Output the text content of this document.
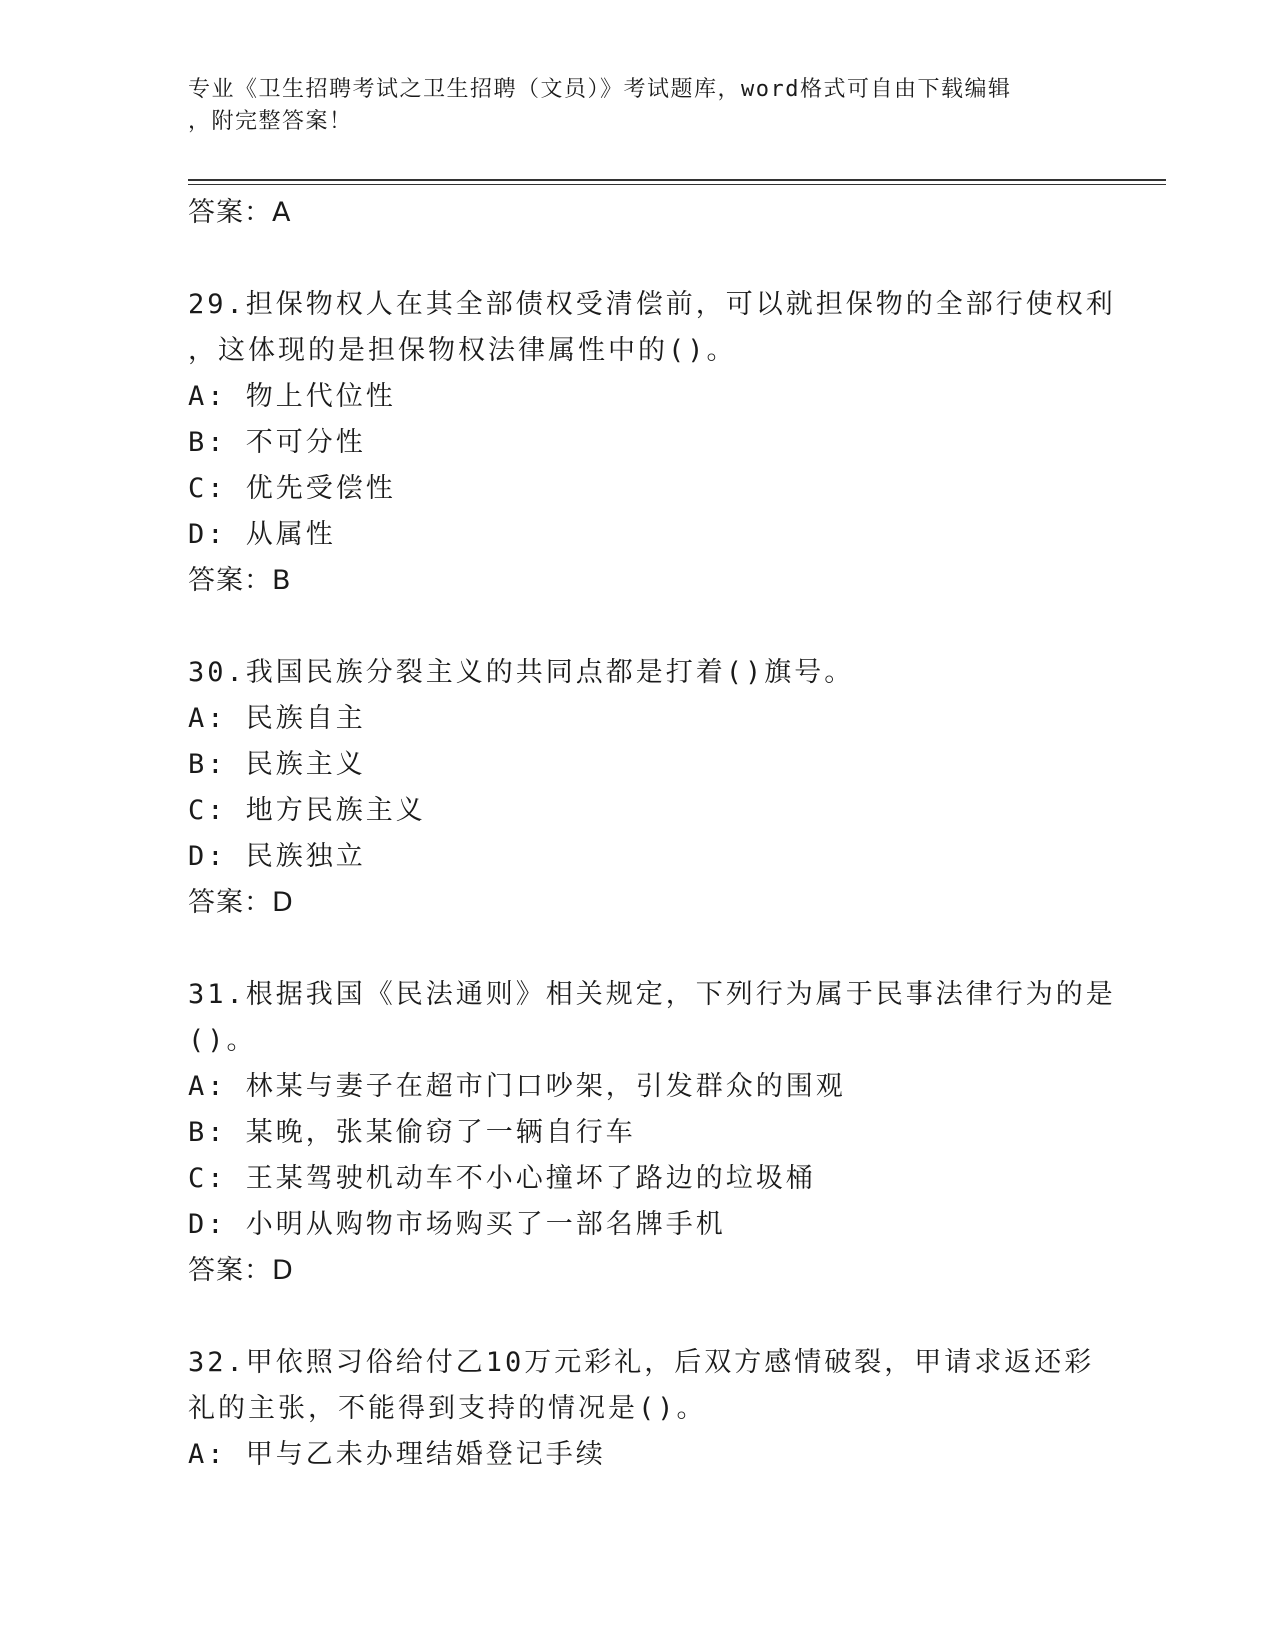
专业《卫生招聘考试之卫生招聘（文员）》考试题库，word格式可自由下载编辑
，附完整答案！
答案：A
29.担保物权人在其全部债权受清偿前，可以就担保物的全部行使权利
，这体现的是担保物权法律属性中的()。
A: 物上代位性
B: 不可分性
C: 优先受偿性
D: 从属性
答案：B
30.我国民族分裂主义的共同点都是打着()旗号。
A: 民族自主
B: 民族主义
C: 地方民族主义
D: 民族独立
答案：D
31.根据我国《民法通则》相关规定，下列行为属于民事法律行为的是
()。
A: 林某与妻子在超市门口吵架，引发群众的围观
B: 某晚，张某偷窃了一辆自行车
C: 王某驾驶机动车不小心撞坏了路边的垃圾桶
D: 小明从购物市场购买了一部名牌手机
答案：D
32.甲依照习俗给付乙10万元彩礼，后双方感情破裂，甲请求返还彩
礼的主张，不能得到支持的情况是()。
A: 甲与乙未办理结婚登记手续
